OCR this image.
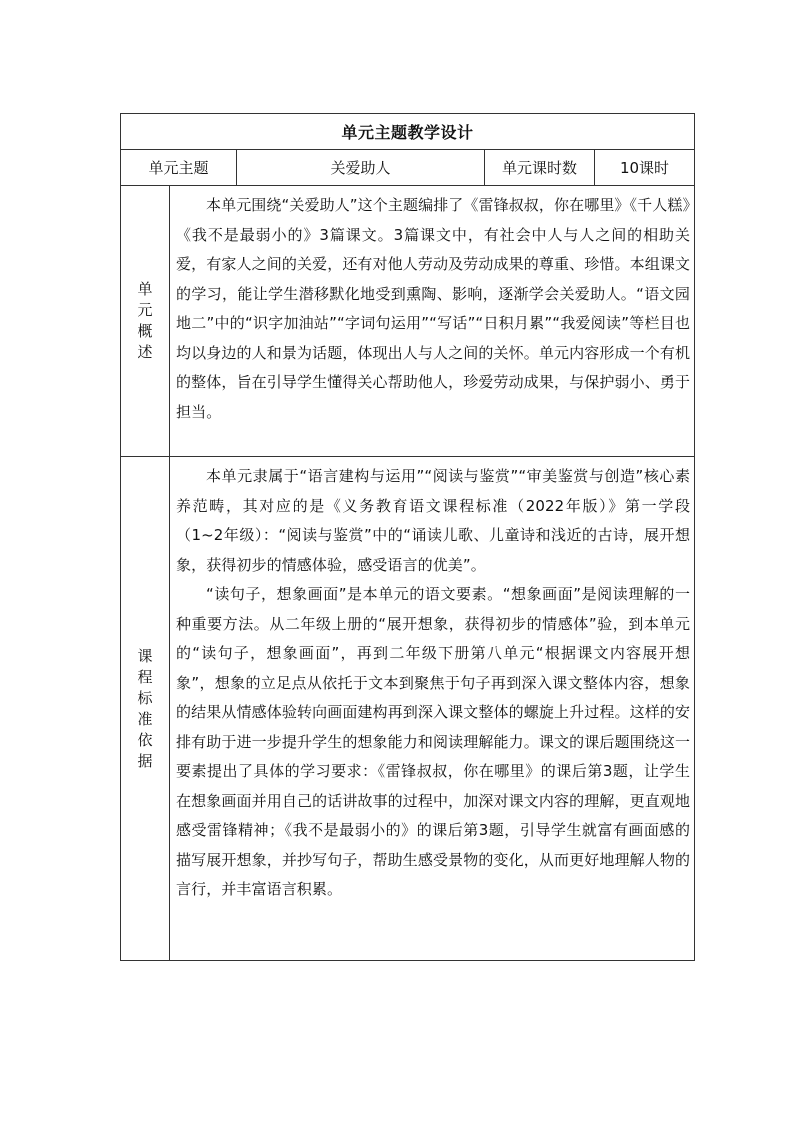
单元主题教学设计				
单元主题		关爱助人	单元课时数	10课时

单元概述	本单元围绕“关爱助人”这个主题编排了《雷锋叔叔，你在哪里》《千人糕》《我不是最弱小的》3篇课文。3篇课文中，有社会中人与人之间的相助关爱，有家人之间的关爱，还有对他人劳动及劳动成果的尊重、珍惜。本组课文的学习，能让学生潜移默化地受到熏陶、影响，逐渐学会关爱助人。“语文园地二”中的“识字加油站”“字词句运用”“写话”“日积月累”“我爱阅读”等栏目也均以身边的人和景为话题，体现出人与人之间的关怀。单元内容形成一个有机的整体，旨在引导学生懂得关心帮助他人，珍爱劳动成果，与保护弱小、勇于担当。			

课程标准依据	本单元隶属于“语言建构与运用”“阅读与鉴赏”“审美鉴赏与创造”核心素养范畴，其对应的是《义务教育语文课程标准（2022年版）》第一学段（1~2年级）：“阅读与鉴赏”中的“诵读儿歌、儿童诗和浅近的古诗，展开想象，获得初步的情感体验，感受语言的优美”。

“读句子，想象画面”是本单元的语文要素。“想象画面”是阅读理解的一种重要方法。从二年级上册的“展开想象，获得初步的情感体”验，到本单元的“读句子，想象画面”，再到二年级下册第八单元“根据课文内容展开想象”，想象的立足点从依托于文本到聚焦于句子再到深入课文整体内容，想象的结果从情感体验转向画面建构再到深入课文整体的螺旋上升过程。这样的安排有助于进一步提升学生的想象能力和阅读理解能力。课文的课后题围绕这一要素提出了具体的学习要求：《雷锋叔叔，你在哪里》的课后第3题，让学生在想象画面并用自己的话讲故事的过程中，加深对课文内容的理解，更直观地感受雷锋精神；《我不是最弱小的》的课后第3题，引导学生就富有画面感的描写展开想象，并抄写句子，帮助生感受景物的变化，从而更好地理解人物的言行，并丰富语言积累。			
